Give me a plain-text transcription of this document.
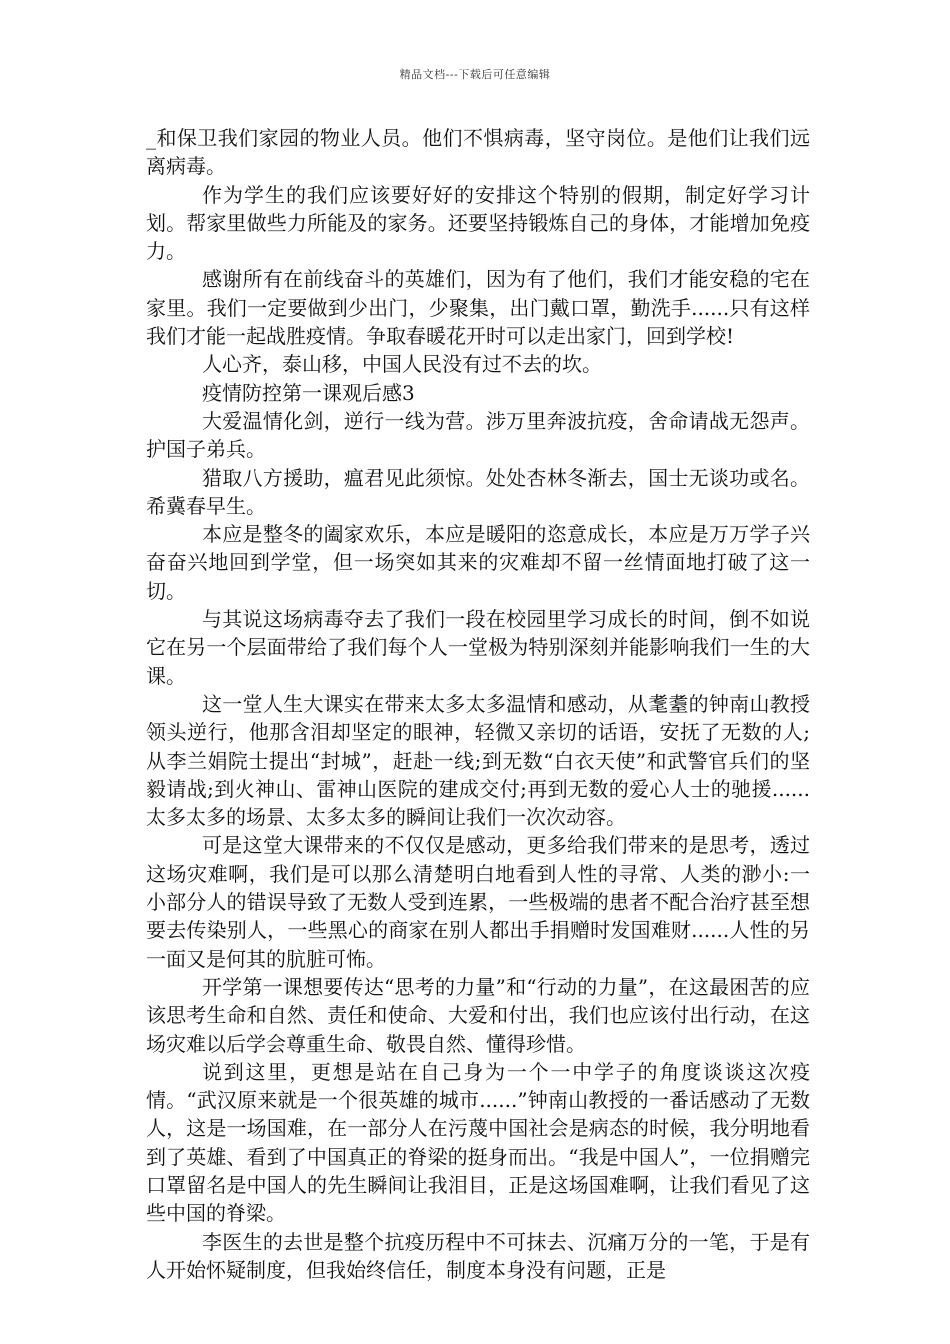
精品文档---下载后可任意编辑

_和保卫我们家园的物业人员。他们不惧病毒，坚守岗位。是他们让我们远离病毒。

作为学生的我们应该要好好的安排这个特别的假期，制定好学习计划。帮家里做些力所能及的家务。还要坚持锻炼自己的身体，才能增加免疫力。

感谢所有在前线奋斗的英雄们，因为有了他们，我们才能安稳的宅在家里。我们一定要做到少出门，少聚集，出门戴口罩，勤洗手......只有这样我们才能一起战胜疫情。争取春暖花开时可以走出家门，回到学校!

人心齐，泰山移，中国人民没有过不去的坎。

疫情防控第一课观后感3

大爱温情化剑，逆行一线为营。涉万里奔波抗疫，舍命请战无怨声。护国子弟兵。

猎取八方援助，瘟君见此须惊。处处杏林冬渐去，国士无谈功或名。希冀春早生。

本应是整冬的阖家欢乐，本应是暖阳的恣意成长，本应是万万学子兴奋奋兴地回到学堂，但一场突如其来的灾难却不留一丝情面地打破了这一切。

与其说这场病毒夺去了我们一段在校园里学习成长的时间，倒不如说它在另一个层面带给了我们每个人一堂极为特别深刻并能影响我们一生的大课。

这一堂人生大课实在带来太多太多温情和感动，从耄耋的钟南山教授领头逆行，他那含泪却坚定的眼神，轻微又亲切的话语，安抚了无数的人;从李兰娟院士提出“封城”，赶赴一线;到无数“白衣天使”和武警官兵们的坚毅请战;到火神山、雷神山医院的建成交付;再到无数的爱心人士的驰援......太多太多的场景、太多太多的瞬间让我们一次次动容。

可是这堂大课带来的不仅仅是感动，更多给我们带来的是思考，透过这场灾难啊，我们是可以那么清楚明白地看到人性的寻常、人类的渺小:一小部分人的错误导致了无数人受到连累，一些极端的患者不配合治疗甚至想要去传染别人，一些黑心的商家在别人都出手捐赠时发国难财......人性的另一面又是何其的肮脏可怖。

开学第一课想要传达“思考的力量”和“行动的力量”，在这最困苦的应该思考生命和自然、责任和使命、大爱和付出，我们也应该付出行动，在这场灾难以后学会尊重生命、敬畏自然、懂得珍惜。

说到这里，更想是站在自己身为一个一中学子的角度谈谈这次疫情。“武汉原来就是一个很英雄的城市......”钟南山教授的一番话感动了无数人，这是一场国难，在一部分人在污蔑中国社会是病态的时候，我分明地看到了英雄、看到了中国真正的脊梁的挺身而出。“我是中国人”，一位捐赠完口罩留名是中国人的先生瞬间让我泪目，正是这场国难啊，让我们看见了这些中国的脊梁。

李医生的去世是整个抗疫历程中不可抹去、沉痛万分的一笔，于是有人开始怀疑制度，但我始终信任，制度本身没有问题，正是
